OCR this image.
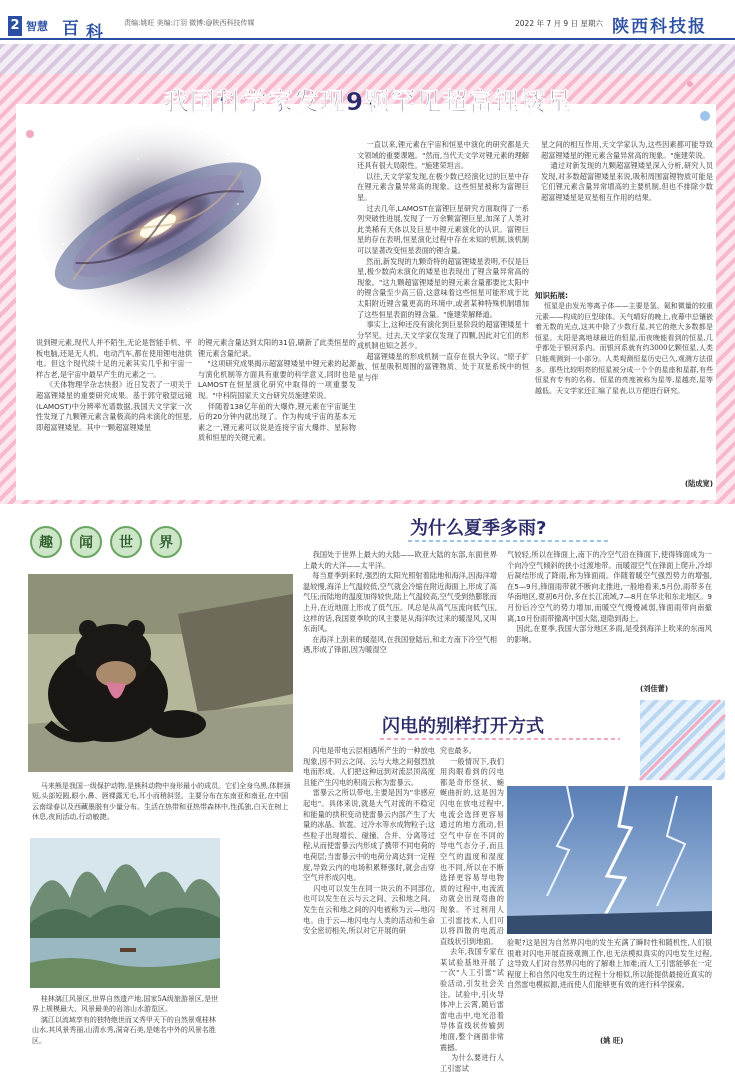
2 智慧 百 科	责编:姚旺 美编:汀羽 微博:@陕西科技传媒	2022 年 7 月 9 日 星期六 陕西科技报
我国科学家发现9颗罕见超富锂矮星
说到锂元素,现代人并不陌生,无论是智能手机、平板电脑,还是无人机、电动汽车,都在使用锂电池供电。但这个现代续十足的元素其实几乎和宇宙一样古老,是宇宙中最早产生的元素之一。
《天体物理学杂志快报》近日发表了一项关于超富锂矮星的重要研究成果。基于郭守敬望远镜(LAMOST)中分辨率光谱数据,我国天文学家一次性发现了九颗锂元素含量极高的尚未演化的恒星,即超富锂矮星。其中一颗超富锂矮星
的锂元素含量达到太阳的31倍,刷新了此类恒星的锂元素含量纪录。
"这项研究成果揭示超富锂矮星中锂元素的起源与演化机制等方面具有重要的科学意义,同时也是LAMOST在恒星演化研究中取得的一项重要发现。"中科院国家天文台研究员施建荣说。
伴随着138亿年前的大爆炸,锂元素在宇宙诞生后的20分钟内就出现了。作为构成宇宙的基本元素之一,锂元素可以说是连接宇宙大爆炸、星际物质和恒星的关键元素。
一直以来,锂元素在宇宙和恒星中演化的研究都是天文领域的重要课题。"然而,当代天文学对锂元素的理解还具有很大局限性。"施建荣坦言。
以往,天文学家发现,在极少数已经演化过的巨星中存在锂元素含量异常高的现象。这些恒星被称为富锂巨星。
过去几年,LAMOST在富锂巨星研究方面取得了一系列突破性进展,发现了一万余颗富锂巨星,加深了人类对此类稀有天体以及巨星中锂元素演化的认识。富锂巨星的存在表明,恒星演化过程中存在未知的机制,该机制可以显著改变恒星表面的锂含量。
然而,新发现的九颗奇特的超富锂矮星表明,不仅是巨星,极少数尚未演化的矮星也表现出了锂含量异常高的现象。"这九颗超富锂矮星的锂元素含量都要比太阳中的锂含量至少高三倍,这意味着这些恒星可能形成于比太阳附近锂含量更高的环境中,或者某种特殊机制增加了这些恒星表面的锂含量。"施建荣解释道。
事实上,这种还没有演化到巨星阶段的超富锂矮星十分罕见。过去,天文学家仅发现了四颗,因此对它们的形成机制也知之甚少。
超富锂矮星的形成机制一直存在很大争议。"原子扩散、恒星吸积周围的富锂物质、处于双星系统中的恒星与伴
星之间的相互作用,天文学家认为,这些因素都可能导致超富锂矮星的锂元素含量异常高的现象。"施建荣说。
通过对新发现的九颗超富锂矮星深入分析,研究人员发现,对多数超富锂矮星来说,吸积周围富锂物质可能是它们锂元素含量异常增高的主要机制,但也不排除少数超富锂矮星是双星相互作用的结果。
知识拓展:
恒星是由发光等离子体——主要是氢、氦和微量的较重元素——构成的巨型球体。天气晴好的晚上,夜幕中总镶嵌着无数的光点,这其中除了少数行星,其它的绝大多数都是恒星。太阳是离地球最近的恒星,而夜晚能看到的恒星,几乎都处于银河系内。而银河系就有约3000亿颗恒星,人类只能观测到一小部分。人类观测恒星历史已久,观测方法很多。那些比较明亮的恒星被分成一个个的星座和星群,有些恒星有专有的名称。恒星的亮度被称为星等,星越亮,星等越低。天文学家还汇编了星表,以方便进行研究。
(陆成宽)
趣 闻 世 界
为什么夏季多雨?
我国处于世界上最大的大陆——欧亚大陆的东部,东面世界上最大的大洋——太平洋。
每当夏季到来时,强烈的太阳光照射着陆地和海洋,因海洋增温较慢,海洋上气温较低,空气就会冷缩在附近海面上,形成了高气压;而陆地的温度加得较快,陆上气温较高,空气受到热膨胀而上升,在近地面上形成了低气压。风总是从高气压流向低气压,这样的话,我国夏季吹的风主要是从海洋吹过来的暖湿风,又叫东南风。
在海洋上刮来的暖湿风,在我国登陆后,和北方南下冷空气相遇,形成了锋面,因为暖湿空
气较轻,所以在锋面上,南下的冷空气沿在锋面下,使得锋面成为一个向冷空气倾斜的狭小过渡地带。而暖湿空气在锋面上爬升,冷却后凝结形成了降雨,称为锋面雨。伴随着暖空气强烈势力的增强,在5—9月,锋面雨带就不断向北推进,一般地看来,5月份,雨带多在华南地区,夏初6月份,多在长江流域,7—8月在华北和东北地区。9月份后冷空气的势力增加,而暖空气慢慢减弱,锋面雨带向南撤离,10月份雨带撤离中国大陆,退隐到海上。
因此,在夏季,我国大部分地区多雨,是受到海洋上吹来的东南风的影响。
(刘佳蕾)
马来熊是我国一级保护动物,是熊科动物中身形最小的成员。它们全身乌黑,体胖颈短,头部短圆,眼小,鼻、唇裸露无毛,耳小而稍斜竖。主要分布在东南亚和南亚,在中国云南绿春以及西藏墨脱有少量分布。生活在热带和亚热带森林中,性孤独,白天在树上休息,夜间活动,行动敏捷。
闪电的别样打开方式
闪电是带电云层相遇所产生的一种放电现象,因不同云之间、云与大地之间强烈放电而形成。人们把这种远到对流层顶高度且能产生闪电的积雨云称为雷暴云。
雷暴云之所以带电,主要是因为"非感应起电"。具体来说,就是大气对流的不稳定和能量的拱积变动使雷暴云内部产生了大量的冰晶、软雹、过冷水等水成物粒子;这些粒子出现增长、碰撞、合并、分离等过程,从而使雷暴云内形成了携带不同电荷的电荷层;当雷暴云中的电荷分离达到一定程度,导致云内的电场积累释强时,就会击穿空气并形成闪电。
闪电可以发生在同一块云的不同部位,也可以发生在云与云之间、云和地之间。发生在云和地之间的闪电被称为云—地闪电。由于云—地闪电与人类的活动和生命安全密切相关,所以对它开展的研
究也最多。
一般情况下,我们用肉眼看到的闪电都是奇形怪状、蜿蜒曲折的,这是因为闪电在放电过程中,电流会选择更容易通过的地方流动,但空气中存在不同的导电气态分子,而且空气的温度和湿度也不同,所以在不断选择更容易导电物质的过程中,电流流动就会出现弯曲的现象。不过利用人工引雷技术,人们可以将四散的电流沿直线状引到地面。
去年,我国专家在某试验基地开展了一次"人工引雷"试验活动,引发社会关注。试验中,引火导体冲上云霄,随后雷雷电击中,电光沿着导体直线状传输到地面,整个画面非常震撼。
为什么要进行人工引雷试
验呢?这是因为自然界闪电的发生充满了瞬时性和随机性,人们很很难对闪电开展直接观测工作,也无法模拟真实的闪电发生过程,这导致人们对自然界闪电的了解难上加难;而人工引雷能够在一定程度上和自然闪电发生的过程十分相似,所以能提供最接近真实的自然雷电模拟源,进而使人们能够更有效的进行科学探索。
(姚 旺)
桂林漓江风景区,世界自然遗产地,国家5A级旅游景区,是世界上规模最大、风景最美的岩溶山水游览区。
漓江以流域享有的独特绝世而又秀甲天下的自然景观桂林山水,其风景秀丽,山清水秀,洞奇石美,是她名中外的风景名胜区。
